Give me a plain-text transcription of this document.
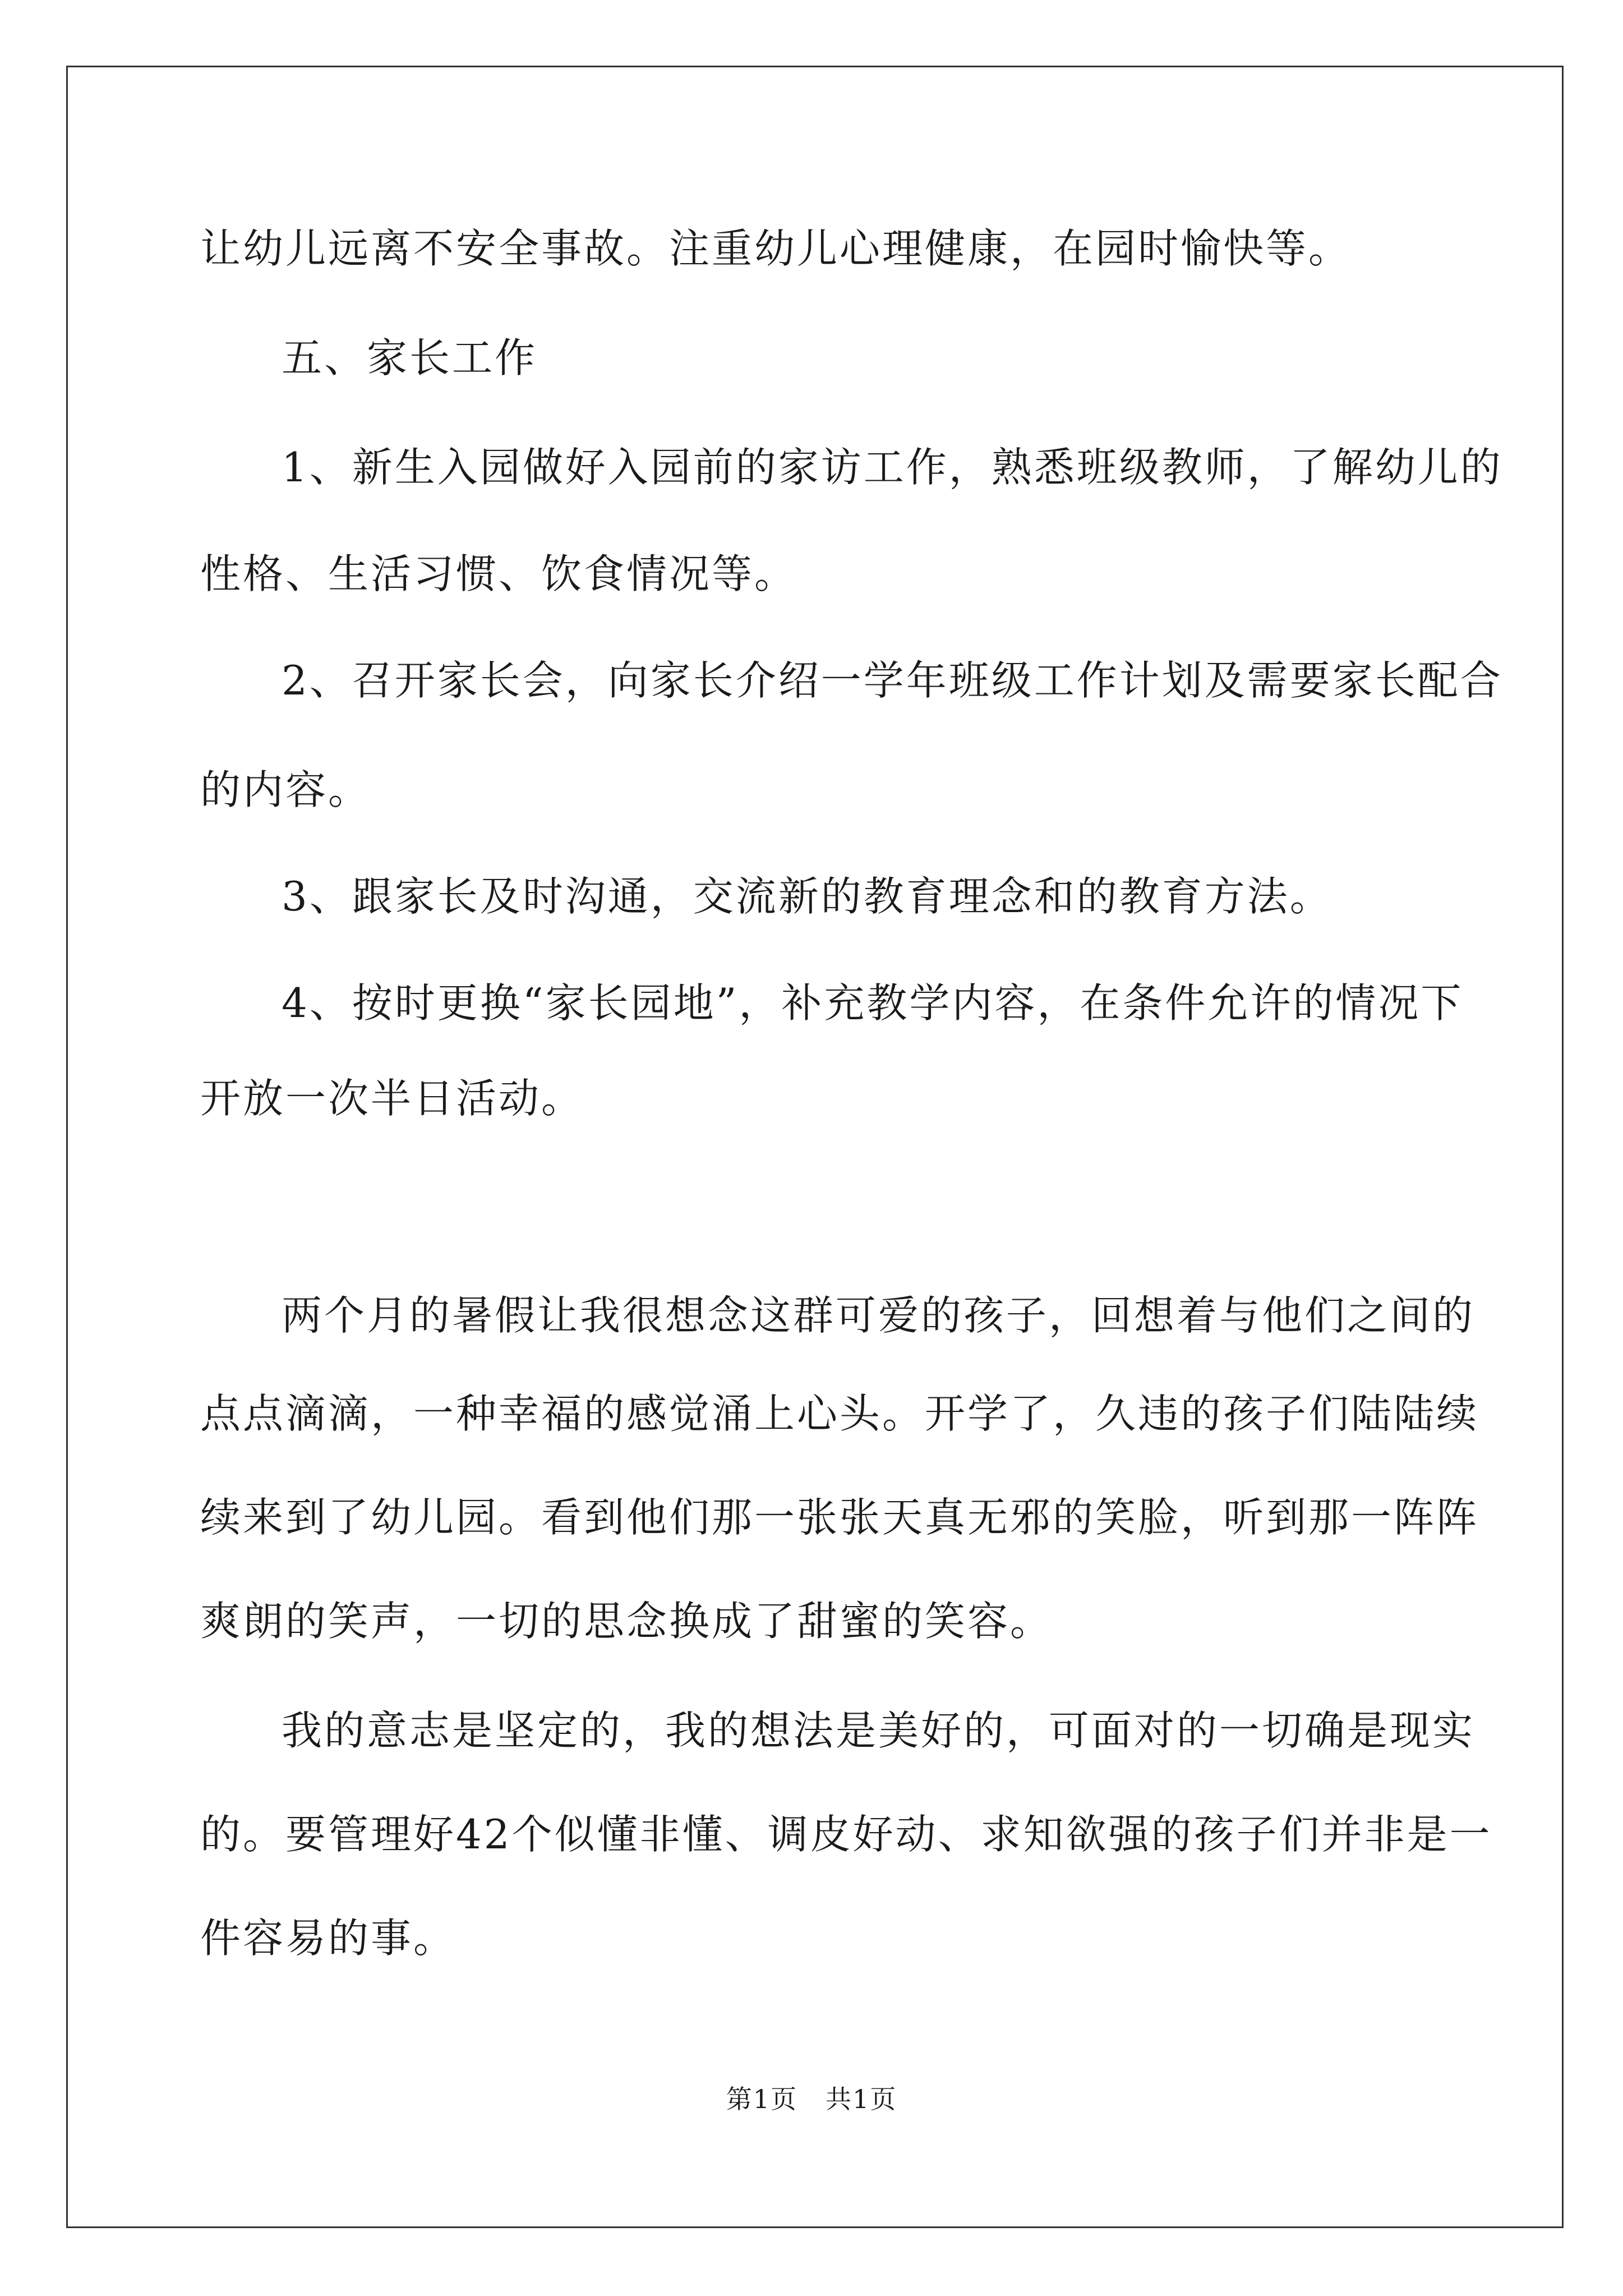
让幼儿远离不安全事故。注重幼儿心理健康，在园时愉快等。
五、家长工作
1、新生入园做好入园前的家访工作，熟悉班级教师，了解幼儿的
性格、生活习惯、饮食情况等。
2、召开家长会，向家长介绍一学年班级工作计划及需要家长配合
的内容。
3、跟家长及时沟通，交流新的教育理念和的教育方法。
4、按时更换“家长园地”，补充教学内容，在条件允许的情况下
开放一次半日活动。
两个月的暑假让我很想念这群可爱的孩子，回想着与他们之间的
点点滴滴，一种幸福的感觉涌上心头。开学了，久违的孩子们陆陆续
续来到了幼儿园。看到他们那一张张天真无邪的笑脸，听到那一阵阵
爽朗的笑声，一切的思念换成了甜蜜的笑容。
我的意志是坚定的，我的想法是美好的，可面对的一切确是现实
的。要管理好42个似懂非懂、调皮好动、求知欲强的孩子们并非是一
件容易的事。
第1页 共1页
